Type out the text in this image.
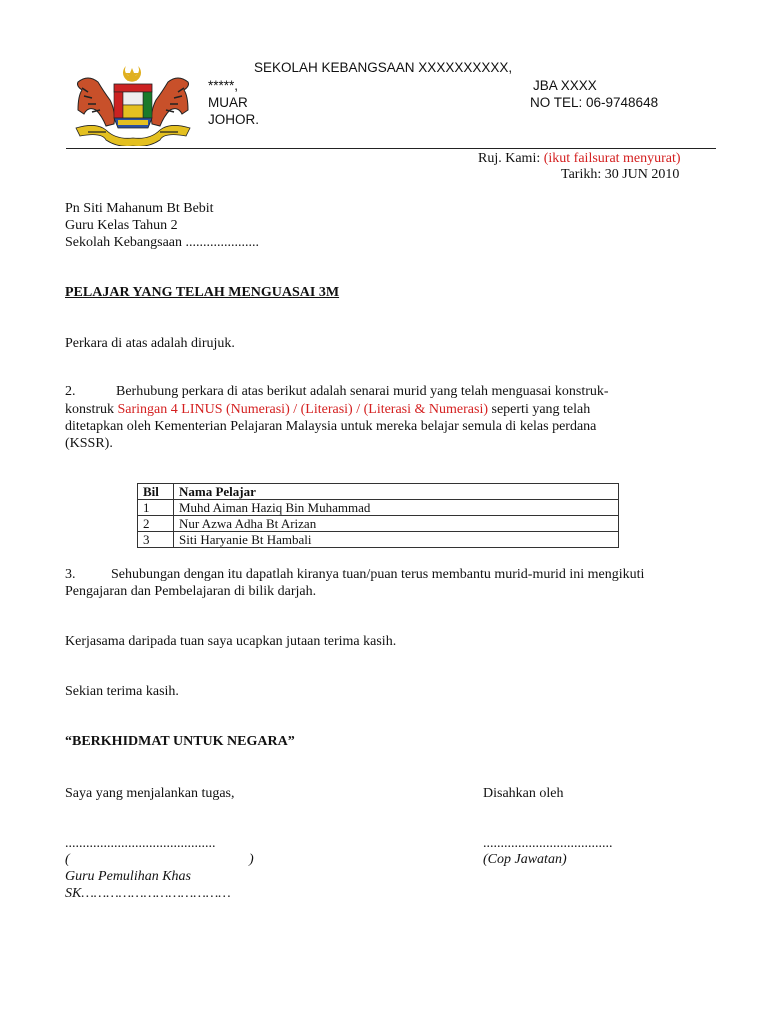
SEKOLAH KEBANGSAAN XXXXXXXXXX,
*****,
MUAR
JOHOR.
JBA XXXX
NO TEL: 06-9748648
Ruj. Kami: (ikut failsurat menyurat)
Tarikh: 30 JUN 2010
Pn Siti Mahanum Bt Bebit
Guru Kelas Tahun 2
Sekolah Kebangsaan .....................
PELAJAR YANG TELAH MENGUASAI 3M
Perkara di atas adalah dirujuk.
2.	Berhubung perkara di atas berikut adalah senarai murid yang telah menguasai konstruk-
konstruk Saringan 4 LINUS (Numerasi) / (Literasi) / (Literasi & Numerasi) seperti yang telah
ditetapkan oleh Kementerian Pelajaran Malaysia untuk mereka belajar semula di kelas perdana
(KSSR).
Bil	Nama Pelajar
1	Muhd Aiman Haziq Bin Muhammad
2	Nur Azwa Adha Bt Arizan
3	Siti Haryanie Bt Hambali
3.	Sehubungan dengan itu dapatlah kiranya tuan/puan terus membantu murid-murid ini mengikuti
Pengajaran dan Pembelajaran di bilik darjah.
Kerjasama daripada tuan saya ucapkan jutaan terima kasih.
Sekian terima kasih.
“BERKHIDMAT UNTUK NEGARA”
Saya yang menjalankan tugas,	Disahkan oleh
...........................................	.....................................
(	)	(Cop Jawatan)
Guru Pemulihan Khas
SK………………………………
